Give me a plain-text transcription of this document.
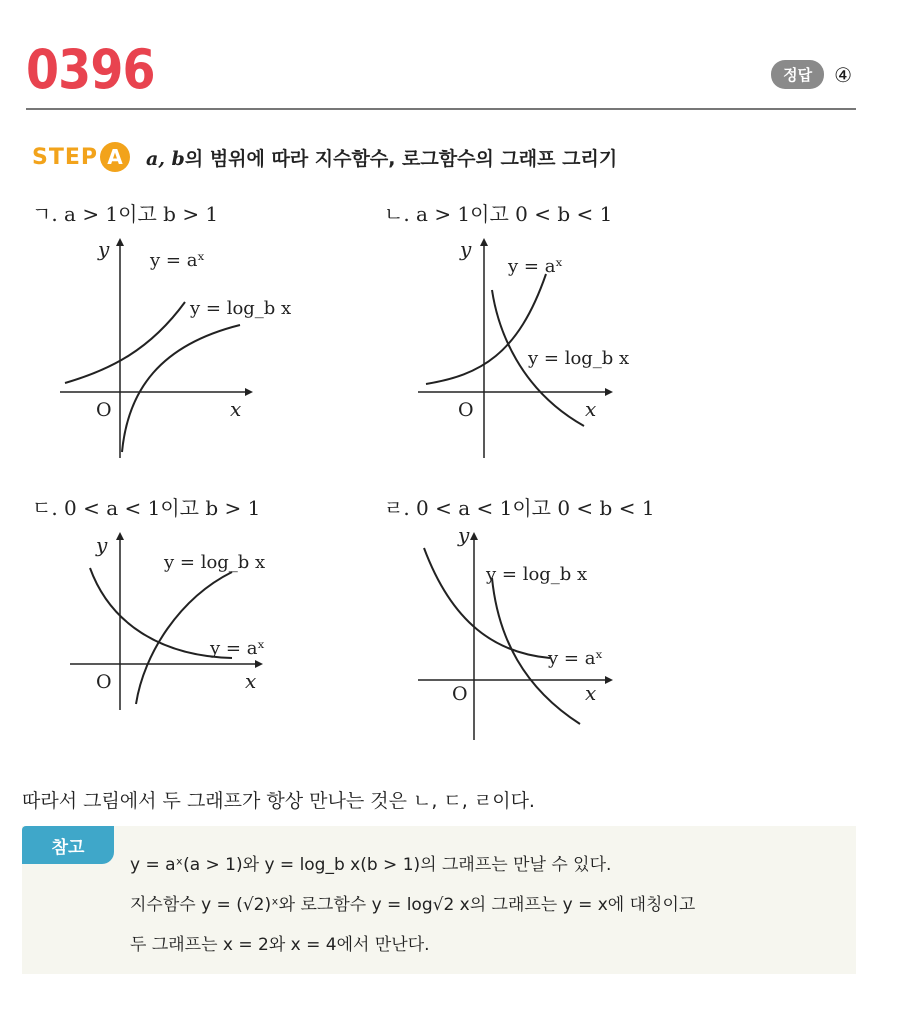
0396	정답	④
STEP A	a, b의 범위에 따라 지수함수, 로그함수의 그래프 그리기
ㄱ. a > 1이고 b > 1
y
x
O
y = aˣ
y = log_b x
ㄴ. a > 1이고 0 < b < 1
y
x
O
y = aˣ
y = log_b x
ㄷ. 0 < a < 1이고 b > 1
y
x
O
y = log_b x
y = aˣ
ㄹ. 0 < a < 1이고 0 < b < 1
y
x
O
y = log_b x
y = aˣ
따라서 그림에서 두 그래프가 항상 만나는 것은 ㄴ, ㄷ, ㄹ이다.
참고
y = aˣ(a > 1)와 y = log_b x(b > 1)의 그래프는 만날 수 있다.
지수함수 y = (√2)ˣ와 로그함수 y = log√2 x의 그래프는 y = x에 대칭이고
두 그래프는 x = 2와 x = 4에서 만난다.
